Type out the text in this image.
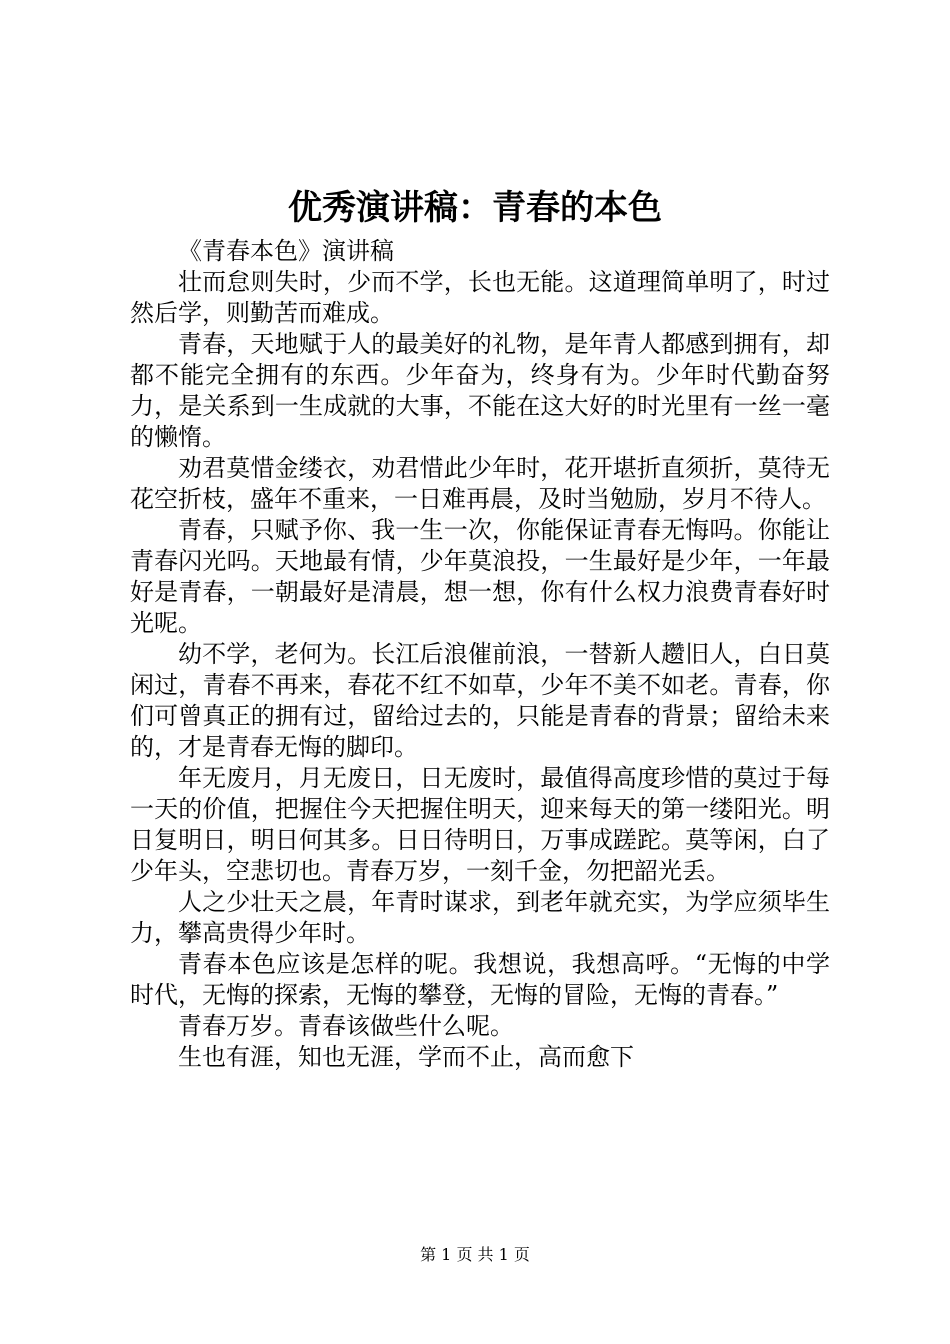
优秀演讲稿：青春的本色

《青春本色》演讲稿

壮而怠则失时，少而不学，长也无能。这道理简单明了，时过然后学，则勤苦而难成。

青春，天地赋于人的最美好的礼物，是年青人都感到拥有，却都不能完全拥有的东西。少年奋为，终身有为。少年时代勤奋努力，是关系到一生成就的大事，不能在这大好的时光里有一丝一毫的懒惰。

劝君莫惜金缕衣，劝君惜此少年时，花开堪折直须折，莫待无花空折枝，盛年不重来，一日难再晨，及时当勉励，岁月不待人。

青春，只赋予你、我一生一次，你能保证青春无悔吗。你能让青春闪光吗。天地最有情，少年莫浪投，一生最好是少年，一年最好是青春，一朝最好是清晨，想一想，你有什么权力浪费青春好时光呢。

幼不学，老何为。长江后浪催前浪，一替新人趱旧人，白日莫闲过，青春不再来，春花不红不如草，少年不美不如老。青春，你们可曾真正的拥有过，留给过去的，只能是青春的背景；留给未来的，才是青春无悔的脚印。

年无废月，月无废日，日无废时，最值得高度珍惜的莫过于每一天的价值，把握住今天把握住明天，迎来每天的第一缕阳光。明日复明日，明日何其多。日日待明日，万事成蹉跎。莫等闲，白了少年头，空悲切也。青春万岁，一刻千金，勿把韶光丢。

人之少壮天之晨，年青时谋求，到老年就充实，为学应须毕生力，攀高贵得少年时。

青春本色应该是怎样的呢。我想说，我想高呼。“无悔的中学时代，无悔的探索，无悔的攀登，无悔的冒险，无悔的青春。”

青春万岁。青春该做些什么呢。

生也有涯，知也无涯，学而不止，高而愈下

第 1 页 共 1 页
